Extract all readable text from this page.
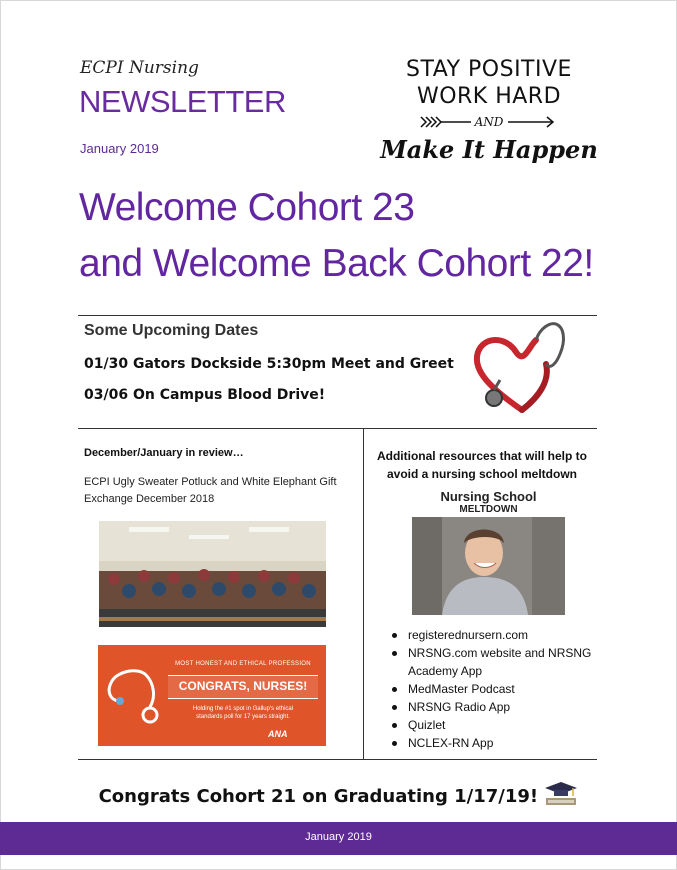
ECPI Nursing
NEWSLETTER
January 2019
STAY POSITIVE
WORK HARD
AND
Make It Happen
Welcome Cohort 23
and Welcome Back Cohort 22!
Some Upcoming Dates
01/30 Gators Dockside 5:30pm Meet and Greet
03/06 On Campus Blood Drive!
December/January in review…
ECPI Ugly Sweater Potluck and White Elephant Gift Exchange December 2018
MOST HONEST AND ETHICAL PROFESSION
CONGRATS, NURSES!
Holding the #1 spot in Gallup's ethical standards poll for 17 years straight.
ANA
Additional resources that will help to avoid a nursing school meltdown
Nursing School
MELTDOWN
registerednursern.com
NRSNG.com website and NRSNG Academy App
MedMaster Podcast
NRSNG Radio App
Quizlet
NCLEX-RN App
Congrats Cohort 21 on Graduating 1/17/19!
January 2019
